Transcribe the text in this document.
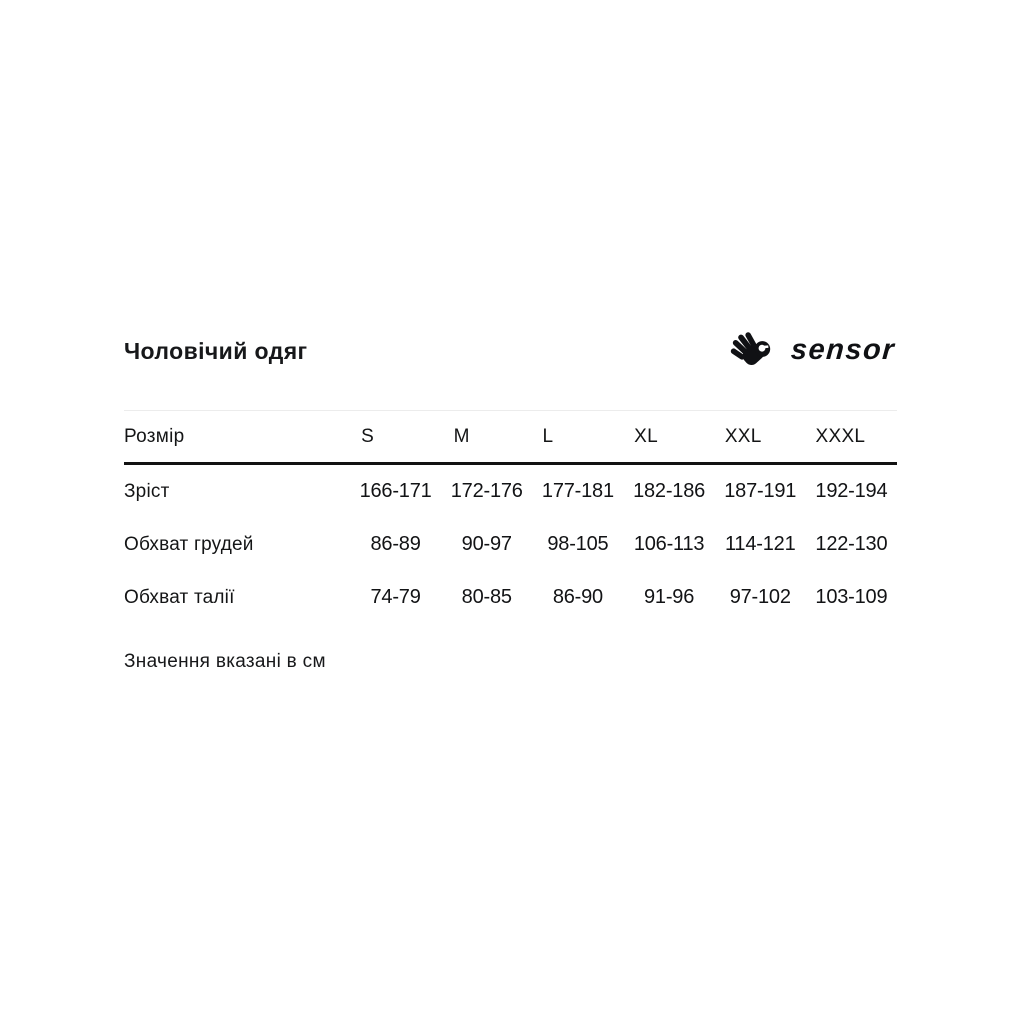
Чоловічий одяг	sensor
Розмір	S	M	L	XL	XXL	XXXL
Зріст	166-171 172-176 177-181 182-186 187-191 192-194
Обхват грудей	86-89	90-97	98-105	106-113	114-121 122-130
Обхват талії	74-79	80-85	86-90	91-96	97-102	103-109
Значення вказані в см
